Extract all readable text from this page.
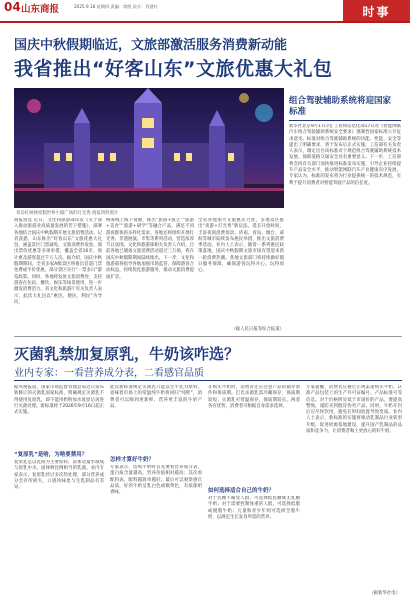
04 山东商报	2025.9.18 星期四 责编：徐凯 设计：肖建红	时事
国庆中秋假期临近，文旅部激活服务消费新动能
我省推出“好客山东”文旅优惠大礼包
青岛红树林度假世界小镇广场的灯光秀 商报资料照片
商报消息 近日，文化和旅游部印发《关于深入推动旅游业高质量发展的若干措施》，部署各地结合国庆中秋假期开展文旅消费活动。记者获悉，山东推出“好客山东”文旅优惠大礼包，涵盖景区门票减免、文旅消费券发放、演出票价优惠等多项举措，覆盖全省16市，预计惠及游客超过千万人次。据介绍，国庆中秋假期期间，全省多家A级景区将推出首道门票免费或半价优惠，部分景区实行“一票多日”游览政策。同时，各地将发放文旅消费券，支持游客在住宿、餐饮、娱乐等场景使用，进一步激发消费活力。省文化和旅游厅有关负责人表示，此次大礼包以“惠民、便民、利民”为导向，
统筹线上线下资源，推出“旅游+演艺”“旅游+美食”“旅游+研学”等融合产品，满足不同游客群体的多样化需求。各地还将组织开展灯光秀、非遗展演、市集等系列活动，营造浓厚节日氛围。文化和旅游部相关负责人介绍，目前各地已储备文旅消费活动超过三万场，将在国庆中秋假期期间陆续推出。下一步，文化和旅游部将指导各地加强市场监管，保障游客合法权益，持续优化旅游服务，推动文旅消费提质扩容。
全省各地加大文旅惠民力度，多地景区推出“夜游+灯光秀”新玩法，延长开放时间，丰富夜间消费场景。济南、青岛、烟台、威海等城市陆续发布惠民举措，推出文旅消费季活动。业内人士表示，随着一系列惠民政策落地，国庆中秋假期文旅市场有望迎来新一轮消费热潮。各地文旅部门将持续做好假日服务保障，确保游客玩得开心、玩得放心。
（据人民日报等综合报道）
组合驾驶辅助系统将迎国家标准
新华社北京9月17日电 工业和信息化部17日对《智能网联汽车组合驾驶辅助系统安全要求》强制性国家标准公开征求意见。标准对组合驾驶辅助系统的功能、性能、安全等提出了明确要求，将于发布后正式实施。工信部有关负责人表示，制定出台该标准对于规范组合驾驶辅助系统技术发展、保障道路交通安全具有重要意义。下一步，工信部将会同有关部门加快推进标准发布实施，引导企业持续提升产品安全水平，推动智能网联汽车产业健康有序发展。专家认为，标准的发布将为行业提供统一的技术规范，有利于提升消费者对智能驾驶产品的信任度。
灭菌乳禁加复原乳，牛奶该咋选？
业内专家：一看营养成分表，二看感官品质
据央视报道，国家市场监督管理总局近日发布新修订的灭菌乳国家标准，明确规定灭菌乳不得使用复原乳，即不能用奶粉加水复原后再进行灭菌处理。新标准将于2026年9月16日起正式实施。
“复原乳”是啥，为啥要禁用？
复原乳是以乳粉为主要原料，添加适量水制成与原乳中水、固体物比例相当的乳液。业内专家表示，复原乳经过多次热处理，部分营养成分会有所损失，口感风味也与生乳制品有差异。
此次新标准规定灭菌乳只能以生牛乳为原料，意味着市场上的常温纯牛奶将回归“纯粹”，消费者可以喝到更新鲜、营养更丰富的牛奶产品。
怎样才算好牛奶？
专家表示，选购牛奶时首先要看营养成分表，蛋白质含量越高，营养价值相对越高；其次看配料表，配料越简单越好；最后可以观察感官品质，好的牛奶呈乳白色或微黄色，有浓郁奶香味。
在购买牛奶时，消费者还应注意产品的储存条件和保质期。巴氏杀菌乳需冷藏保存，保质期较短；灭菌乳可常温保存，保质期较长。两者各有优势，消费者可根据自身需求选择。
如何选择适合自己的牛奶？
对于乳糖不耐受人群，可选择低乳糖或无乳糖牛奶；对于需要控制体重的人群，可选择低脂或脱脂牛奶；儿童和青少年则可选择全脂牛奶，以满足生长发育所需的营养。
专家提醒，消费者应通过正规渠道购买牛奶，认准产品包装上的生产许可证编号、产品标准号等信息。对于价格明显低于市场价的产品，要提高警惕，谨防买到假冒伪劣产品。同时，牛奶开封后应尽快饮用，避免长时间放置导致变质。业内人士表示，新标准的实施将推动乳制品行业转型升级，促进奶源基地建设，提升国产乳制品的品质和竞争力，让消费者喝上更放心的好牛奶。
（据新华社电）
